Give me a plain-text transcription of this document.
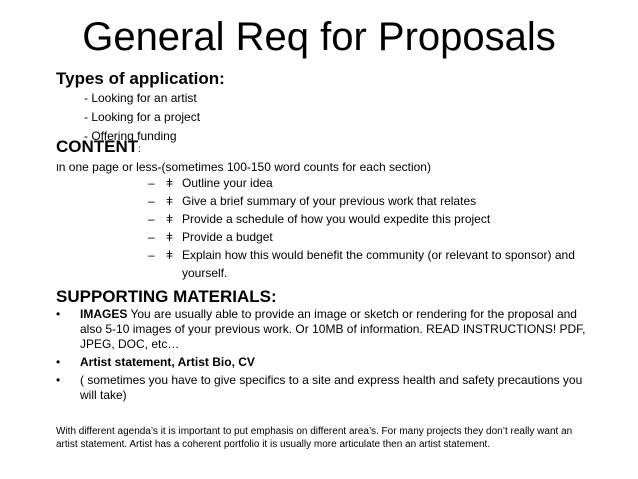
General Req for Proposals
Types of application:
- Looking for an artist
- Looking for a project
- Offering funding
CONTENT:
In one page or less-(sometimes 100-150 word counts for each section)
– ǂ Outline your idea
– ǂ Give a brief summary of your previous work that relates
– ǂ Provide a schedule of how you would expedite this project
– ǂ Provide a budget
– ǂ Explain how this would benefit the community (or relevant to sponsor) and yourself.
SUPPORTING MATERIALS:
•	IMAGES You are usually able to provide an image or sketch or rendering for the proposal and also 5-10 images of your previous work. Or 10MB of information. READ INSTRUCTIONS! PDF, JPEG, DOC, etc…
•	Artist statement, Artist Bio, CV
•	( sometimes you have to give specifics to a site and express health and safety precautions you will take)
With different agenda’s it is important to put emphasis on different area’s. For many projects they don’t really want an artist statement. Artist has a coherent portfolio it is usually more articulate then an artist statement.
